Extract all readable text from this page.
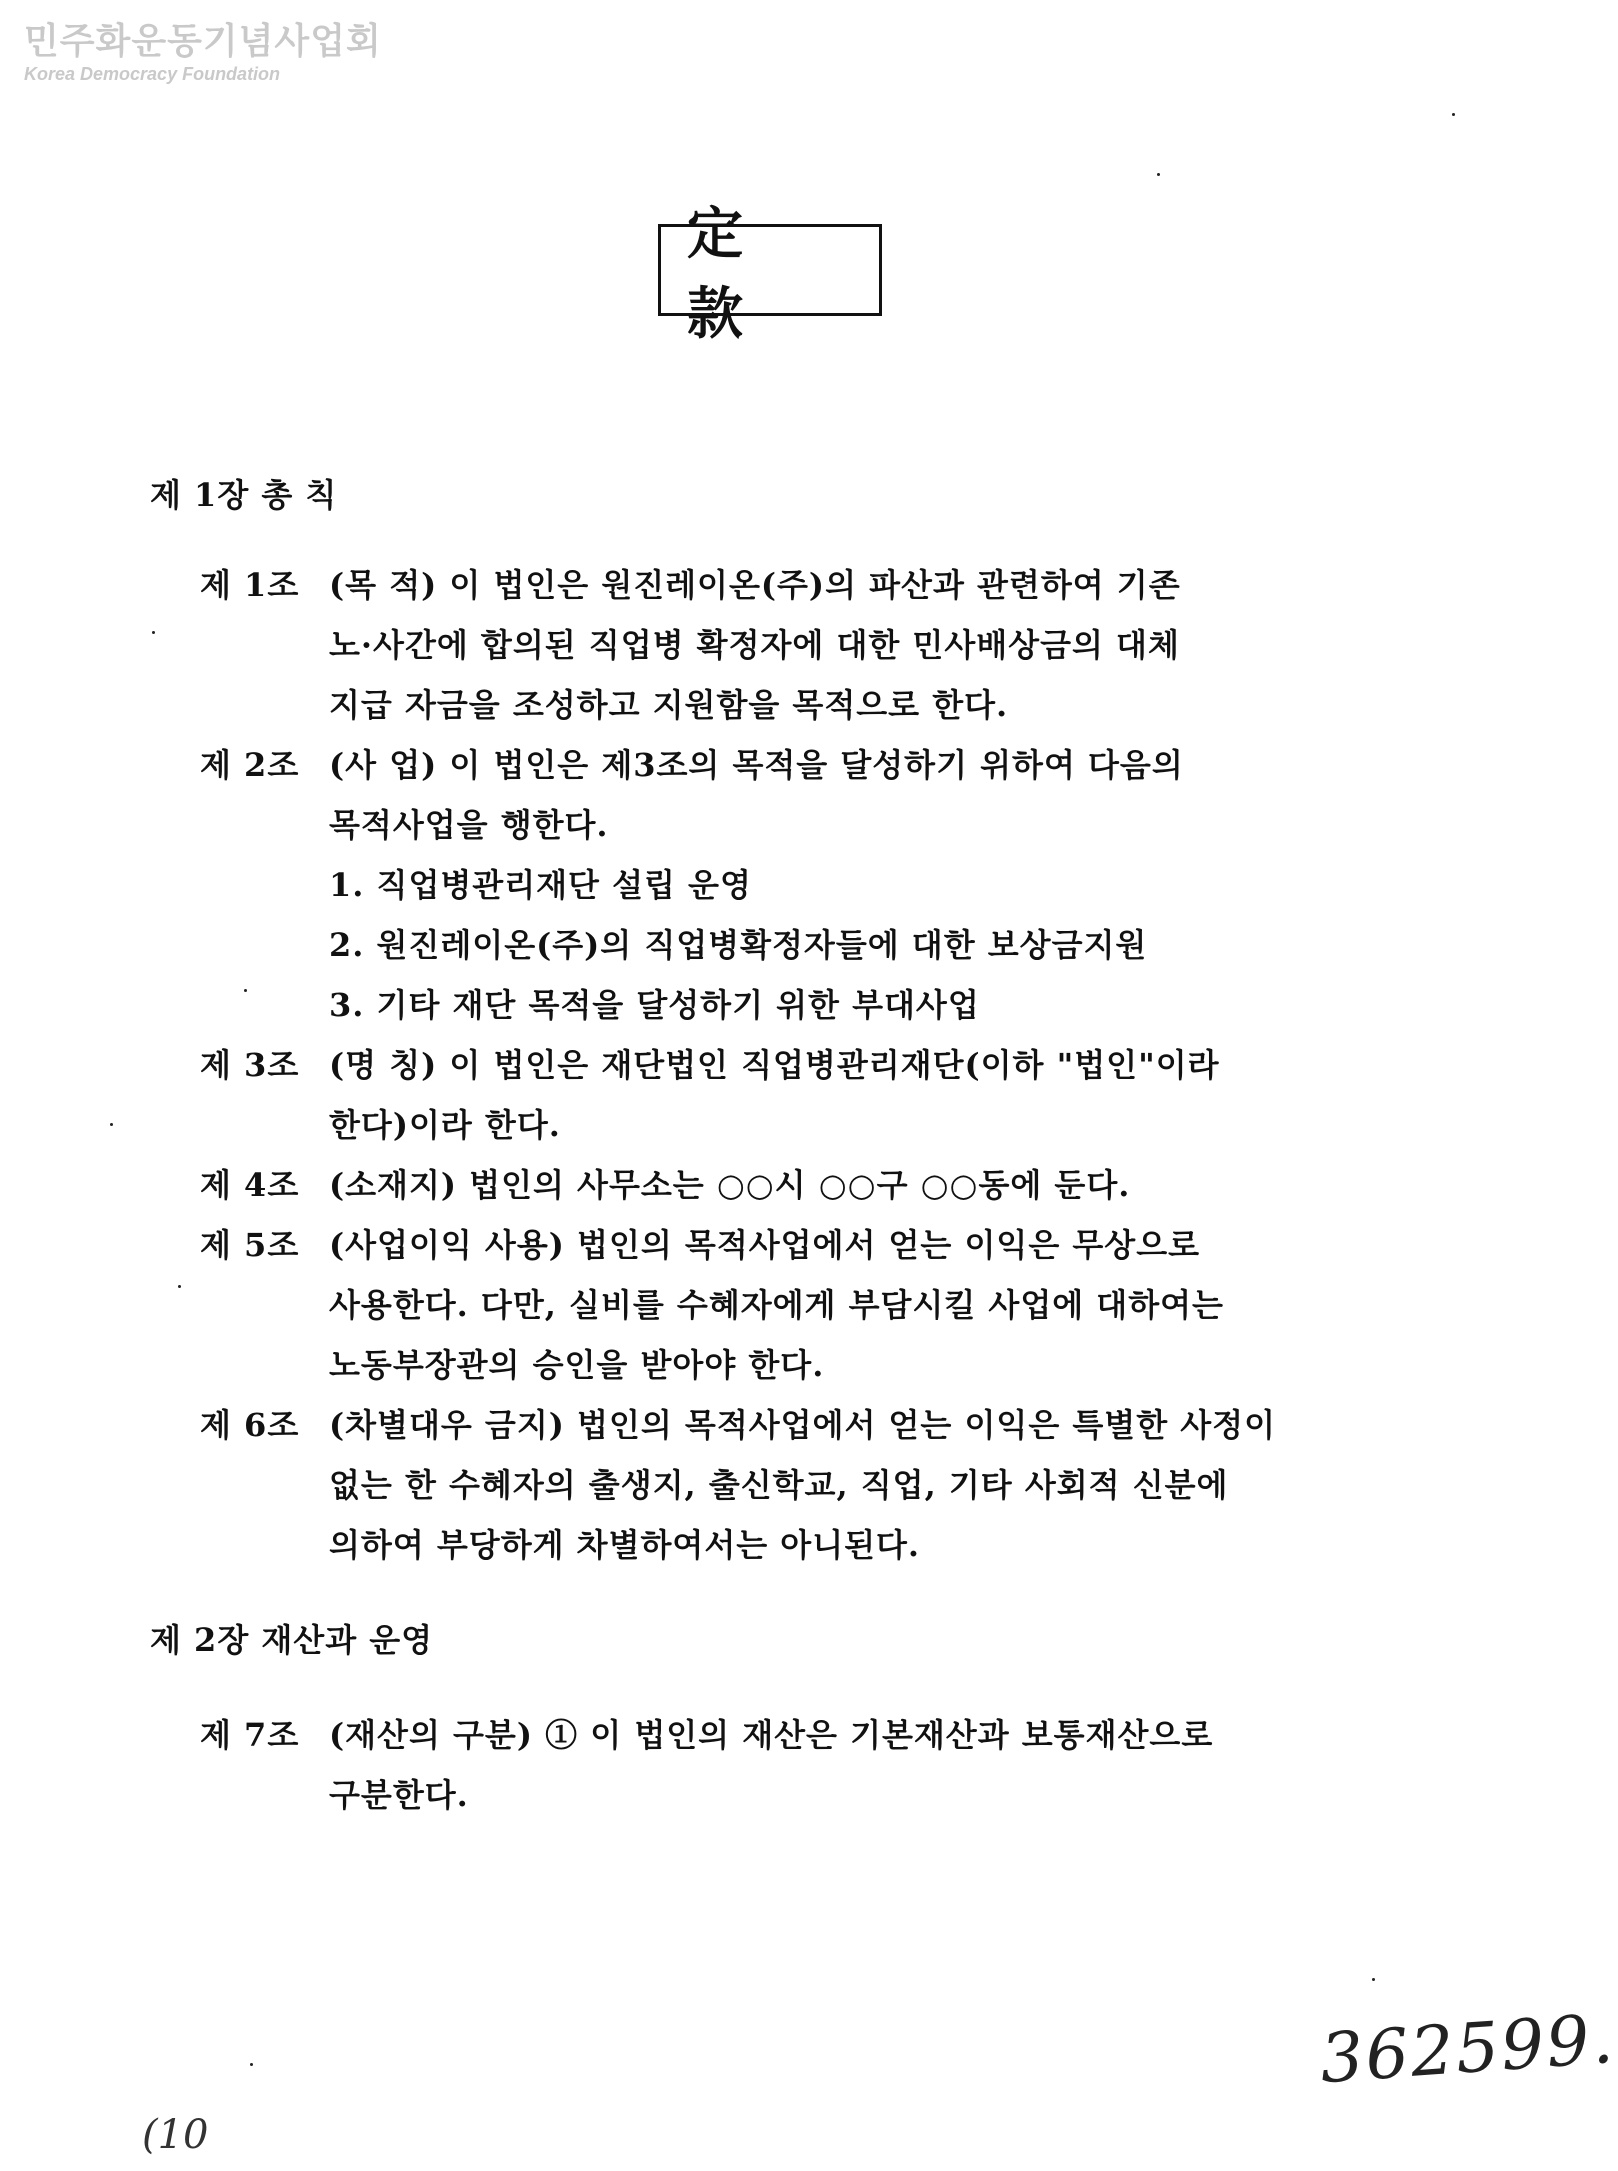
민주화운동기념사업회
Korea Democracy Foundation
定 款
제 1장 총 칙
제 1조 (목 적) 이 법인은 원진레이온(주)의 파산과 관련하여 기존
노·사간에 합의된 직업병 확정자에 대한 민사배상금의 대체
지급 자금을 조성하고 지원함을 목적으로 한다.
제 2조 (사 업) 이 법인은 제3조의 목적을 달성하기 위하여 다음의
목적사업을 행한다.
1. 직업병관리재단 설립 운영
2. 원진레이온(주)의 직업병확정자들에 대한 보상금지원
3. 기타 재단 목적을 달성하기 위한 부대사업
제 3조 (명 칭) 이 법인은 재단법인 직업병관리재단(이하 "법인"이라
한다)이라 한다.
제 4조 (소재지) 법인의 사무소는 ○○시 ○○구 ○○동에 둔다.
제 5조 (사업이익 사용) 법인의 목적사업에서 얻는 이익은 무상으로
사용한다. 다만, 실비를 수혜자에게 부담시킬 사업에 대하여는
노동부장관의 승인을 받아야 한다.
제 6조 (차별대우 금지) 법인의 목적사업에서 얻는 이익은 특별한 사정이
없는 한 수혜자의 출생지, 출신학교, 직업, 기타 사회적 신분에
의하여 부당하게 차별하여서는 아니된다.
제 2장 재산과 운영
제 7조 (재산의 구분) ① 이 법인의 재산은 기본재산과 보통재산으로
구분한다.
362599.
(10
